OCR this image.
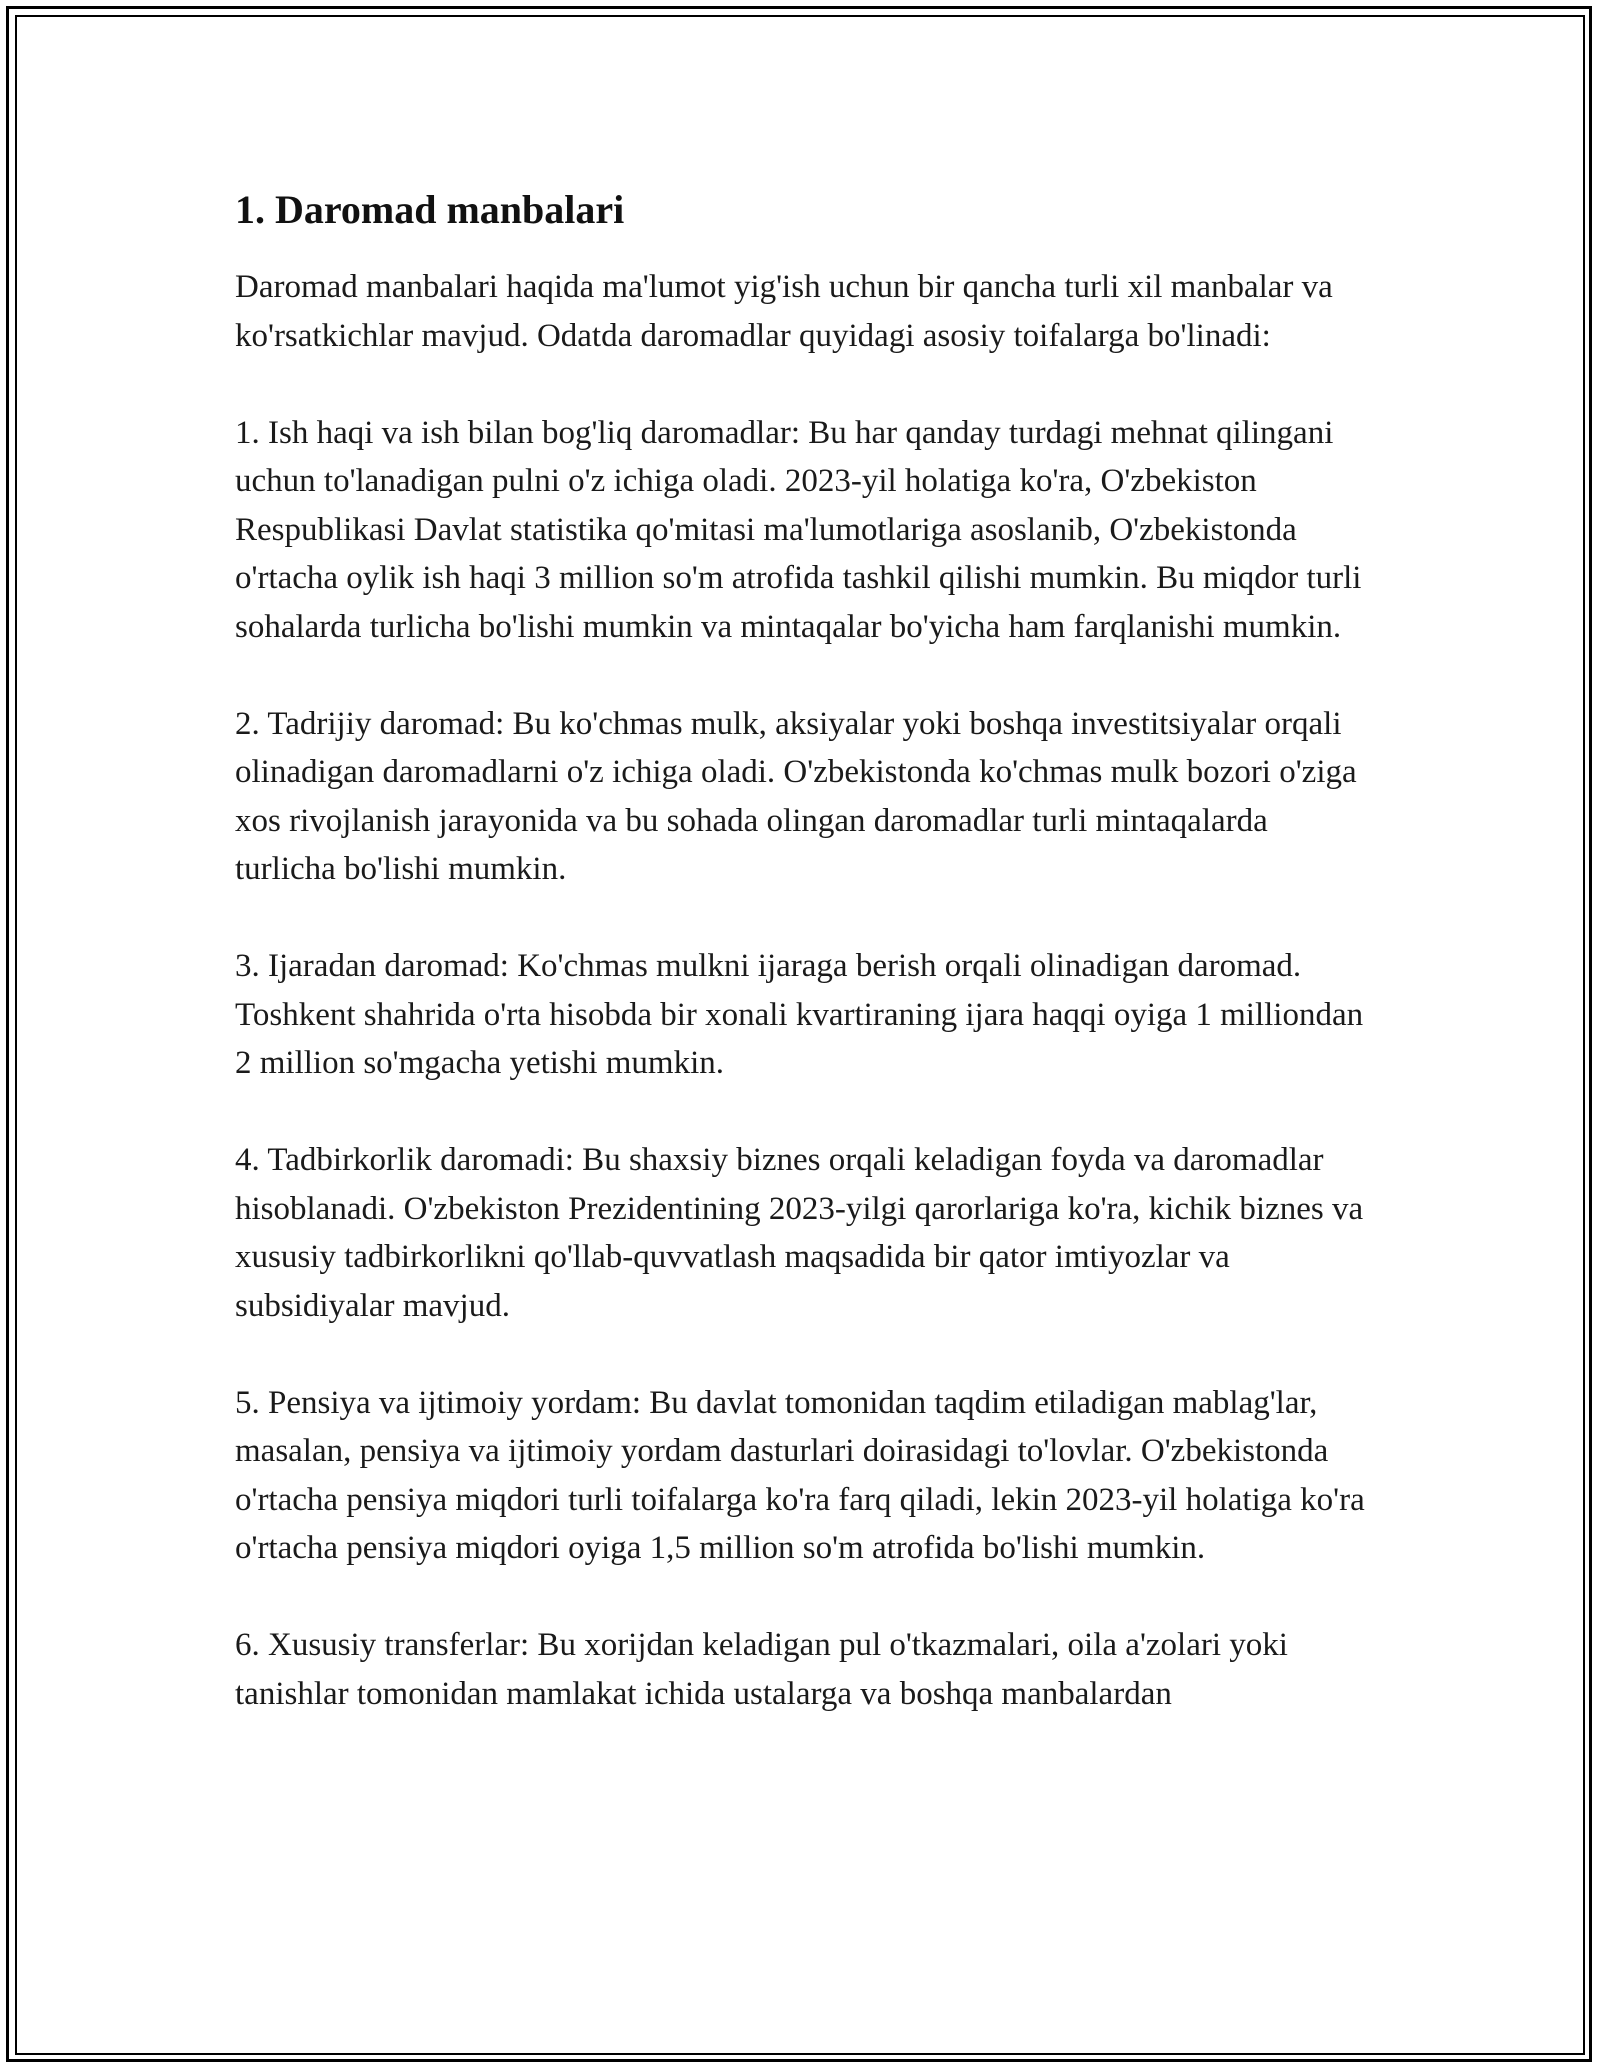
1. Daromad manbalari

Daromad manbalari haqida ma'lumot yig'ish uchun bir qancha turli xil manbalar va ko'rsatkichlar mavjud. Odatda daromadlar quyidagi asosiy toifalarga bo'linadi:

1. Ish haqi va ish bilan bog'liq daromadlar: Bu har qanday turdagi mehnat qilingani uchun to'lanadigan pulni o'z ichiga oladi. 2023-yil holatiga ko'ra, O'zbekiston Respublikasi Davlat statistika qo'mitasi ma'lumotlariga asoslanib, O'zbekistonda o'rtacha oylik ish haqi 3 million so'm atrofida tashkil qilishi mumkin. Bu miqdor turli sohalarda turlicha bo'lishi mumkin va mintaqalar bo'yicha ham farqlanishi mumkin.

2. Tadrijiy daromad: Bu ko'chmas mulk, aksiyalar yoki boshqa investitsiyalar orqali olinadigan daromadlarni o'z ichiga oladi. O'zbekistonda ko'chmas mulk bozori o'ziga xos rivojlanish jarayonida va bu sohada olingan daromadlar turli mintaqalarda turlicha bo'lishi mumkin.

3. Ijaradan daromad: Ko'chmas mulkni ijaraga berish orqali olinadigan daromad. Toshkent shahrida o'rta hisobda bir xonali kvartiraning ijara haqqi oyiga 1 milliondan 2 million so'mgacha yetishi mumkin.

4. Tadbirkorlik daromadi: Bu shaxsiy biznes orqali keladigan foyda va daromadlar hisoblanadi. O'zbekiston Prezidentining 2023-yilgi qarorlariga ko'ra, kichik biznes va xususiy tadbirkorlikni qo'llab-quvvatlash maqsadida bir qator imtiyozlar va subsidiyalar mavjud.

5. Pensiya va ijtimoiy yordam: Bu davlat tomonidan taqdim etiladigan mablag'lar, masalan, pensiya va ijtimoiy yordam dasturlari doirasidagi to'lovlar. O'zbekistonda o'rtacha pensiya miqdori turli toifalarga ko'ra farq qiladi, lekin 2023-yil holatiga ko'ra o'rtacha pensiya miqdori oyiga 1,5 million so'm atrofida bo'lishi mumkin.

6. Xususiy transferlar: Bu xorijdan keladigan pul o'tkazmalari, oila a'zolari yoki tanishlar tomonidan mamlakat ichida ustalarga va boshqa manbalardan
